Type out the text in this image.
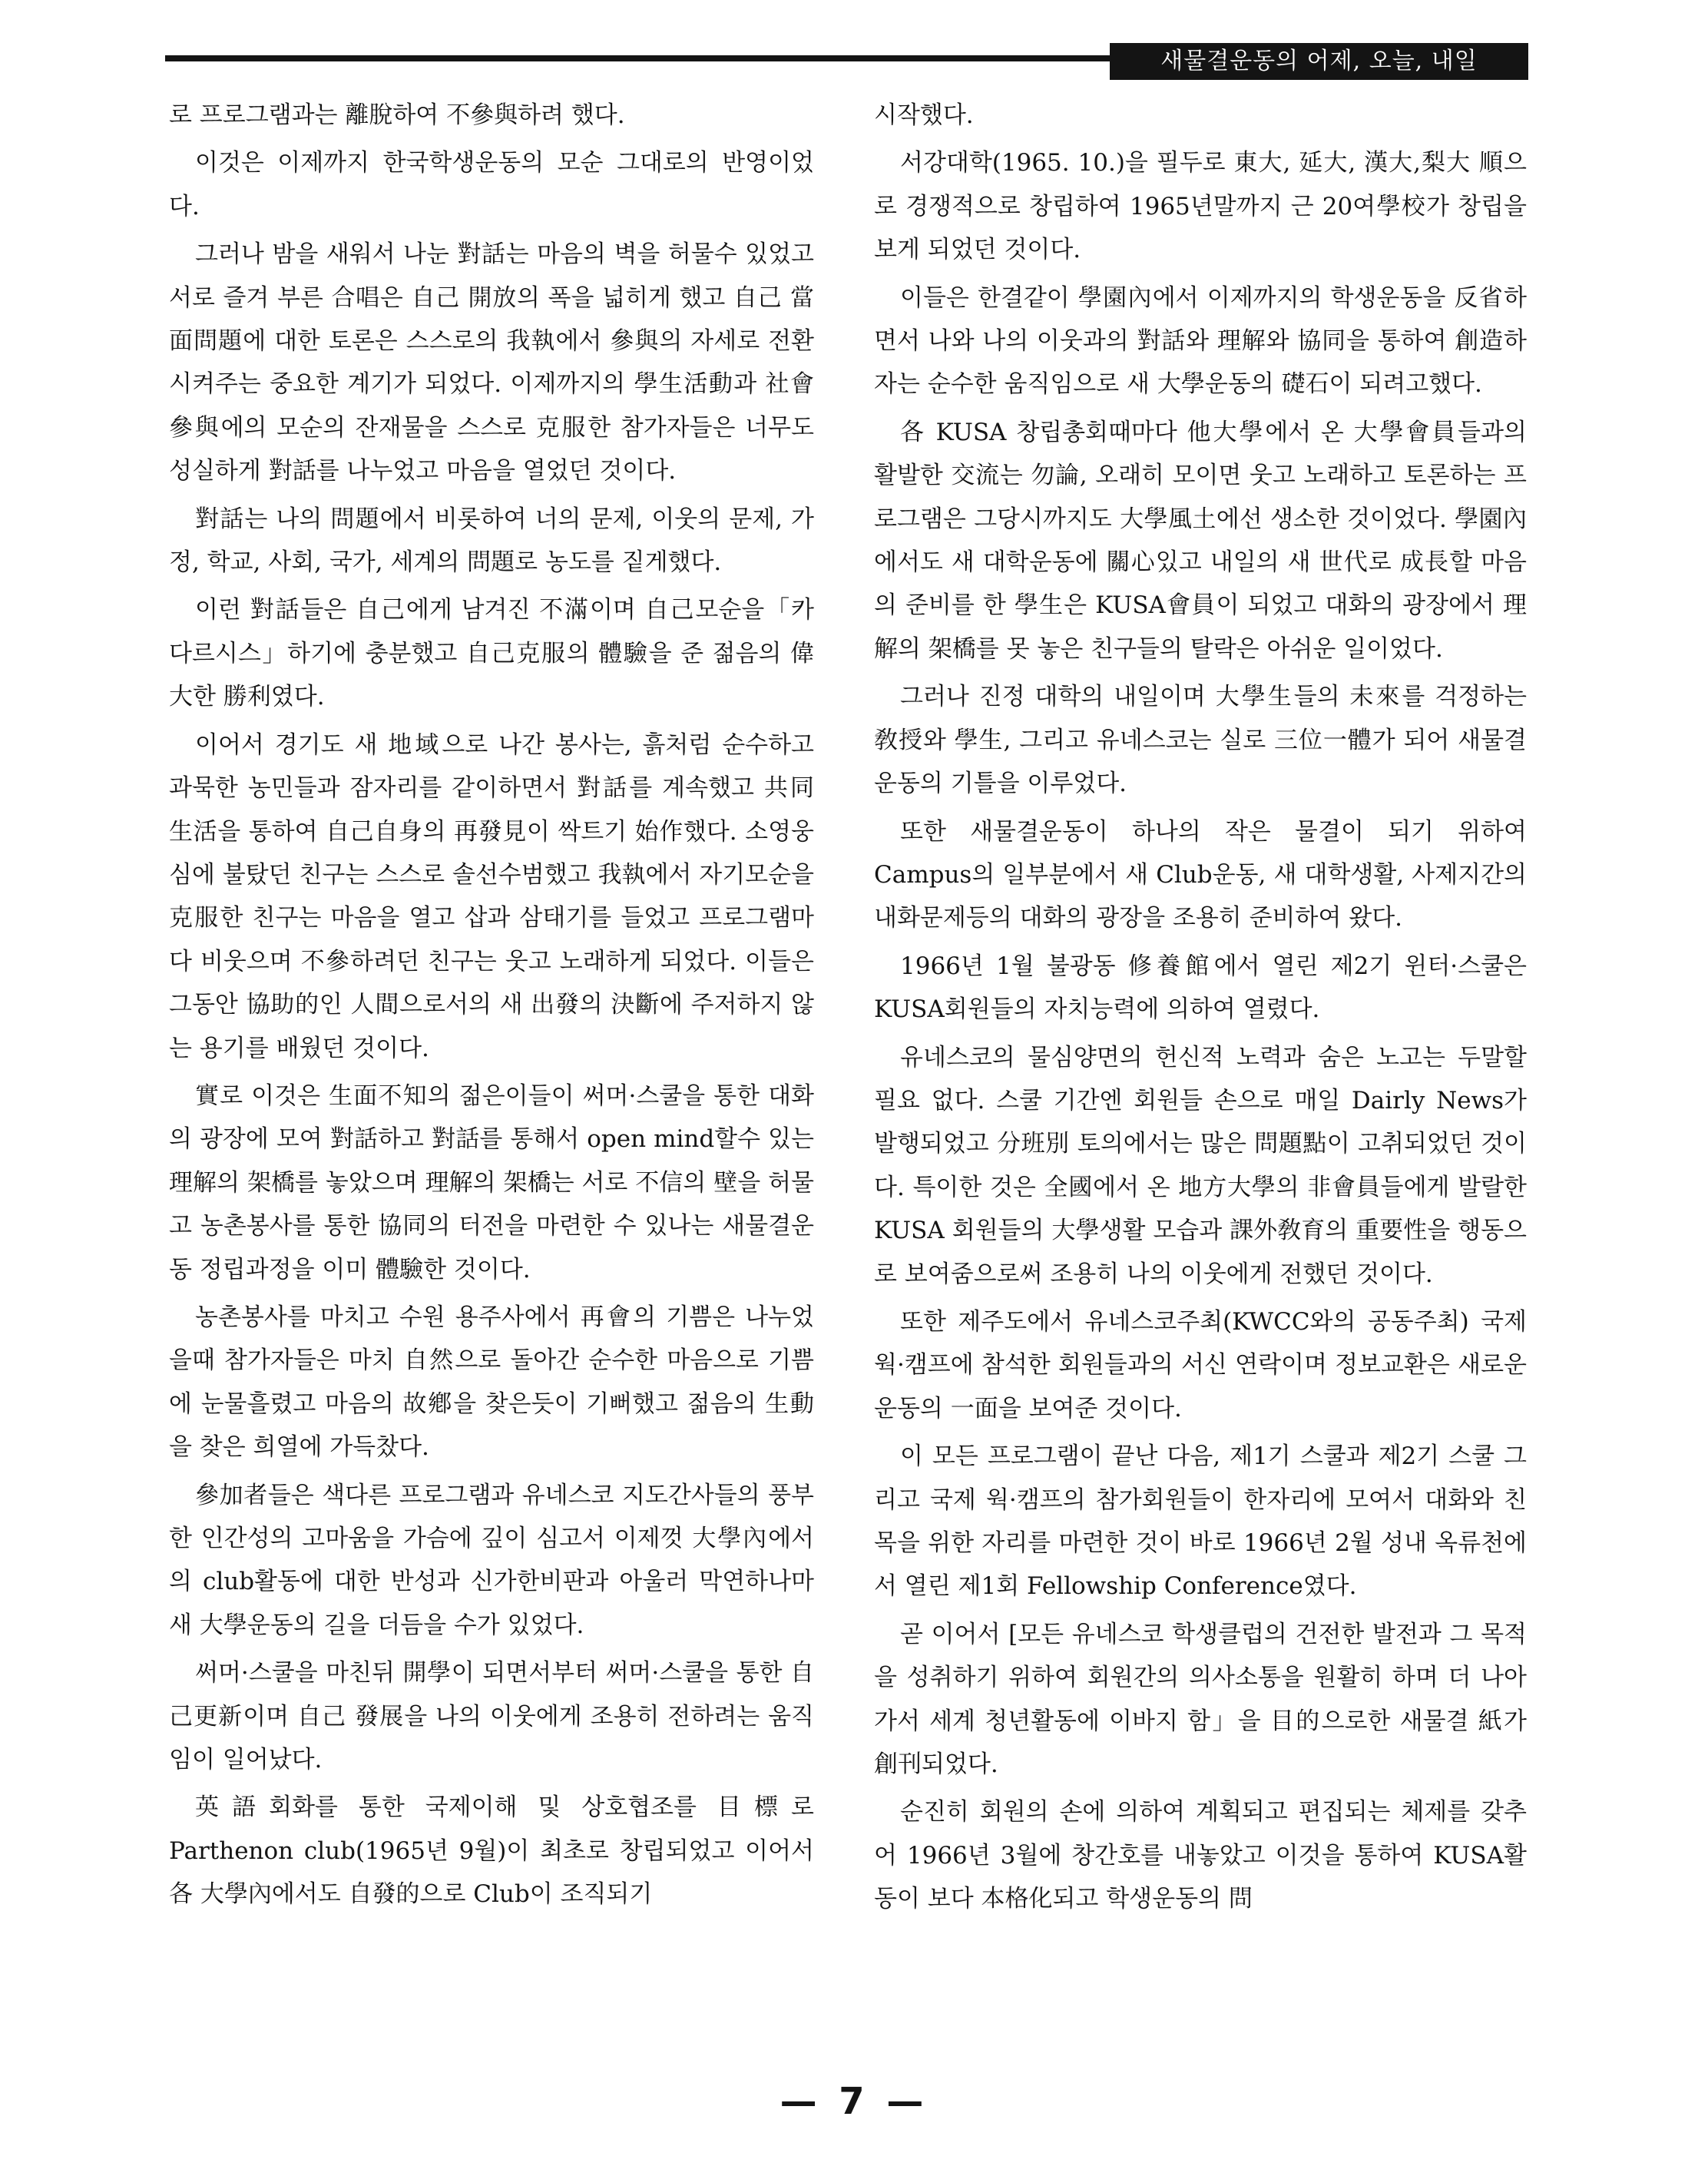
새물결운동의 어제, 오늘, 내일

로 프로그램과는 離脫하여 不參與하려 했다.

이것은 이제까지 한국학생운동의 모순 그대로의 반영이었다.

그러나 밤을 새워서 나눈 對話는 마음의 벽을 허물수 있었고 서로 즐겨 부른 合唱은 自己 開放의 폭을 넓히게 했고 自己 當面問題에 대한 토론은 스스로의 我執에서 參與의 자세로 전환 시켜주는 중요한 계기가 되었다. 이제까지의 學生活動과 社會參與에의 모순의 잔재물을 스스로 克服한 참가자들은 너무도 성실하게 對話를 나누었고 마음을 열었던 것이다.

對話는 나의 問題에서 비롯하여 너의 문제, 이웃의 문제, 가정, 학교, 사회, 국가, 세계의 問題로 농도를 짙게했다.

이런 對話들은 自己에게 남겨진 不滿이며 自己모순을「카다르시스」하기에 충분했고 自己克服의 體驗을 준 젊음의 偉大한 勝利였다.

이어서 경기도 새 地域으로 나간 봉사는, 흙처럼 순수하고 과묵한 농민들과 잠자리를 같이하면서 對話를 계속했고 共同生活을 통하여 自己自身의 再發見이 싹트기 始作했다. 소영웅심에 불탔던 친구는 스스로 솔선수범했고 我執에서 자기모순을 克服한 친구는 마음을 열고 삽과 삼태기를 들었고 프로그램마다 비웃으며 不參하려던 친구는 웃고 노래하게 되었다. 이들은 그동안 協助的인 人間으로서의 새 出發의 決斷에 주저하지 않는 용기를 배웠던 것이다.

實로 이것은 生面不知의 젊은이들이 써머·스쿨을 통한 대화의 광장에 모여 對話하고 對話를 통해서 open mind할수 있는 理解의 架橋를 놓았으며 理解의 架橋는 서로 不信의 壁을 허물고 농촌봉사를 통한 協同의 터전을 마련한 수 있나는 새물결운동 정립과정을 이미 體驗한 것이다.

농촌봉사를 마치고 수원 용주사에서 再會의 기쁨은 나누었을때 참가자들은 마치 自然으로 돌아간 순수한 마음으로 기쁨에 눈물흘렸고 마음의 故鄕을 찾은듯이 기뻐했고 젊음의 生動을 찾은 희열에 가득찼다.

參加者들은 색다른 프로그램과 유네스코 지도간사들의 풍부한 인간성의 고마움을 가슴에 깊이 심고서 이제껏 大學內에서의 club활동에 대한 반성과 신가한비판과 아울러 막연하나마 새 大學운동의 길을 더듬을 수가 있었다.

써머·스쿨을 마친뒤 開學이 되면서부터 써머·스쿨을 통한 自己更新이며 自己 發展을 나의 이웃에게 조용히 전하려는 움직임이 일어났다.

英語회화를 통한 국제이해 및 상호협조를 目標로 Parthenon club(1965년 9월)이 최초로 창립되었고 이어서 各 大學內에서도 自發的으로 Club이 조직되기

시작했다.

서강대학(1965. 10.)을 필두로 東大, 延大, 漢大,梨大 順으로 경쟁적으로 창립하여 1965년말까지 근 20여學校가 창립을 보게 되었던 것이다.

이들은 한결같이 學園內에서 이제까지의 학생운동을 反省하면서 나와 나의 이웃과의 對話와 理解와 協同을 통하여 創造하자는 순수한 움직임으로 새 大學운동의 礎石이 되려고했다.

各 KUSA 창립총회때마다 他大學에서 온 大學會員들과의 활발한 交流는 勿論, 오래히 모이면 웃고 노래하고 토론하는 프로그램은 그당시까지도 大學風土에선 생소한 것이었다. 學園內에서도 새 대학운동에 關心있고 내일의 새 世代로 成長할 마음의 준비를 한 學生은 KUSA會員이 되었고 대화의 광장에서 理解의 架橋를 못 놓은 친구들의 탈락은 아쉬운 일이었다.

그러나 진정 대학의 내일이며 大學生들의 未來를 걱정하는 敎授와 學生, 그리고 유네스코는 실로 三位一體가 되어 새물결운동의 기틀을 이루었다.

또한 새물결운동이 하나의 작은 물결이 되기 위하여 Campus의 일부분에서 새 Club운동, 새 대학생활, 사제지간의 내화문제등의 대화의 광장을 조용히 준비하여 왔다.

1966년 1월 불광동 修養館에서 열린 제2기 윈터·스쿨은 KUSA회원들의 자치능력에 의하여 열렸다.

유네스코의 물심양면의 헌신적 노력과 숨은 노고는 두말할 필요 없다. 스쿨 기간엔 회원들 손으로 매일 Dairly News가 발행되었고 分班別 토의에서는 많은 問題點이 고취되었던 것이다. 특이한 것은 全國에서 온 地方大學의 非會員들에게 발랄한 KUSA 회원들의 大學생활 모습과 課外敎育의 重要性을 행동으로 보여줌으로써 조용히 나의 이웃에게 전했던 것이다.

또한 제주도에서 유네스코주최(KWCC와의 공동주최) 국제 웍·캠프에 참석한 회원들과의 서신 연락이며 정보교환은 새로운 운동의 一面을 보여준 것이다.

이 모든 프로그램이 끝난 다음, 제1기 스쿨과 제2기 스쿨 그리고 국제 웍·캠프의 참가회원들이 한자리에 모여서 대화와 친목을 위한 자리를 마련한 것이 바로 1966년 2월 성내 옥류천에서 열린 제1회 Fellowship Conference였다.

곧 이어서 [모든 유네스코 학생클럽의 건전한 발전과 그 목적을 성취하기 위하여 회원간의 의사소통을 원활히 하며 더 나아가서 세계 청년활동에 이바지 함」을 目的으로한 새물결 紙가 創刊되었다.

순진히 회원의 손에 의하여 계획되고 편집되는 체제를 갖추어 1966년 3월에 창간호를 내놓았고 이것을 통하여 KUSA활동이 보다 本格化되고 학생운동의 問

— 7 —
